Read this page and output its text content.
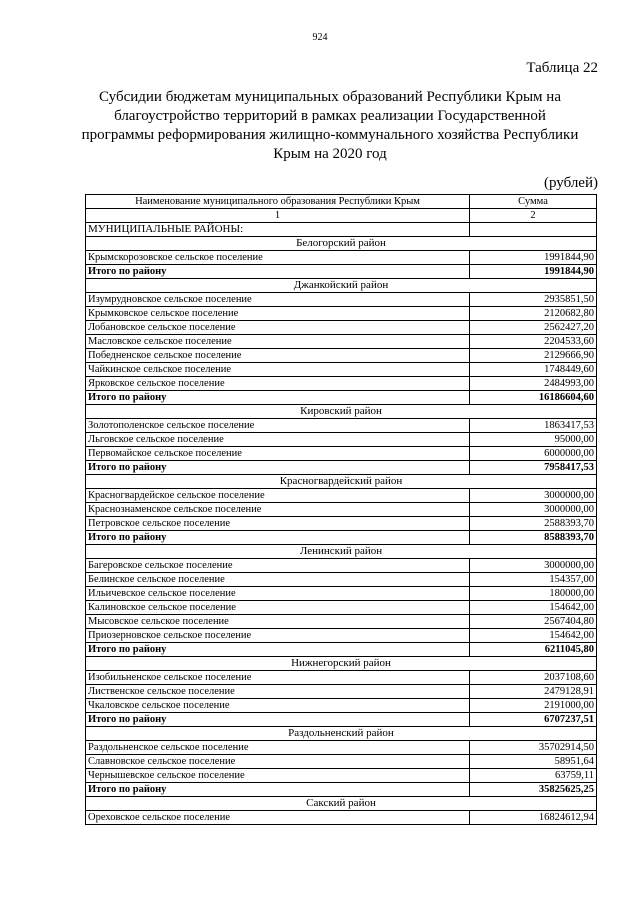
924
Таблица 22
Субсидии бюджетам муниципальных образований Республики Крым на благоустройство территорий в рамках реализации Государственной программы реформирования жилищно-коммунального хозяйства Республики Крым на 2020 год
(рублей)
Наименование муниципального образования Республики Крым	Сумма
1	2
МУНИЦИПАЛЬНЫЕ РАЙОНЫ:	
Белогорский район	
Крымскорозовское сельское поселение	1991844,90
Итого по району	1991844,90
Джанкойский район	
Изумрудновское сельское поселение	2935851,50
Крымковское сельское поселение	2120682,80
Лобановское сельское поселение	2562427,20
Масловское сельское поселение	2204533,60
Победненское сельское поселение	2129666,90
Чайкинское сельское поселение	1748449,60
Ярковское сельское поселение	2484993,00
Итого по району	16186604,60
Кировский район	
Золотополенское сельское поселение	1863417,53
Льговское сельское поселение	95000,00
Первомайское сельское поселение	6000000,00
Итого по району	7958417,53
Красногвардейский район	
Красногвардейское сельское поселение	3000000,00
Краснознаменское сельское поселение	3000000,00
Петровское сельское поселение	2588393,70
Итого по району	8588393,70
Ленинский район	
Багеровское сельское поселение	3000000,00
Белинское сельское поселение	154357,00
Ильичевское сельское поселение	180000,00
Калиновское сельское поселение	154642,00
Мысовское сельское поселение	2567404,80
Приозерновское сельское поселение	154642,00
Итого по району	6211045,80
Нижнегорский район	
Изобильненское сельское поселение	2037108,60
Лиственское сельское поселение	2479128,91
Чкаловское сельское поселение	2191000,00
Итого по району	6707237,51
Раздольненский район	
Раздольненское сельское поселение	35702914,50
Славновское сельское поселение	58951,64
Чернышевское сельское поселение	63759,11
Итого по району	35825625,25
Сакский район	
Ореховское сельское поселение	16824612,94
